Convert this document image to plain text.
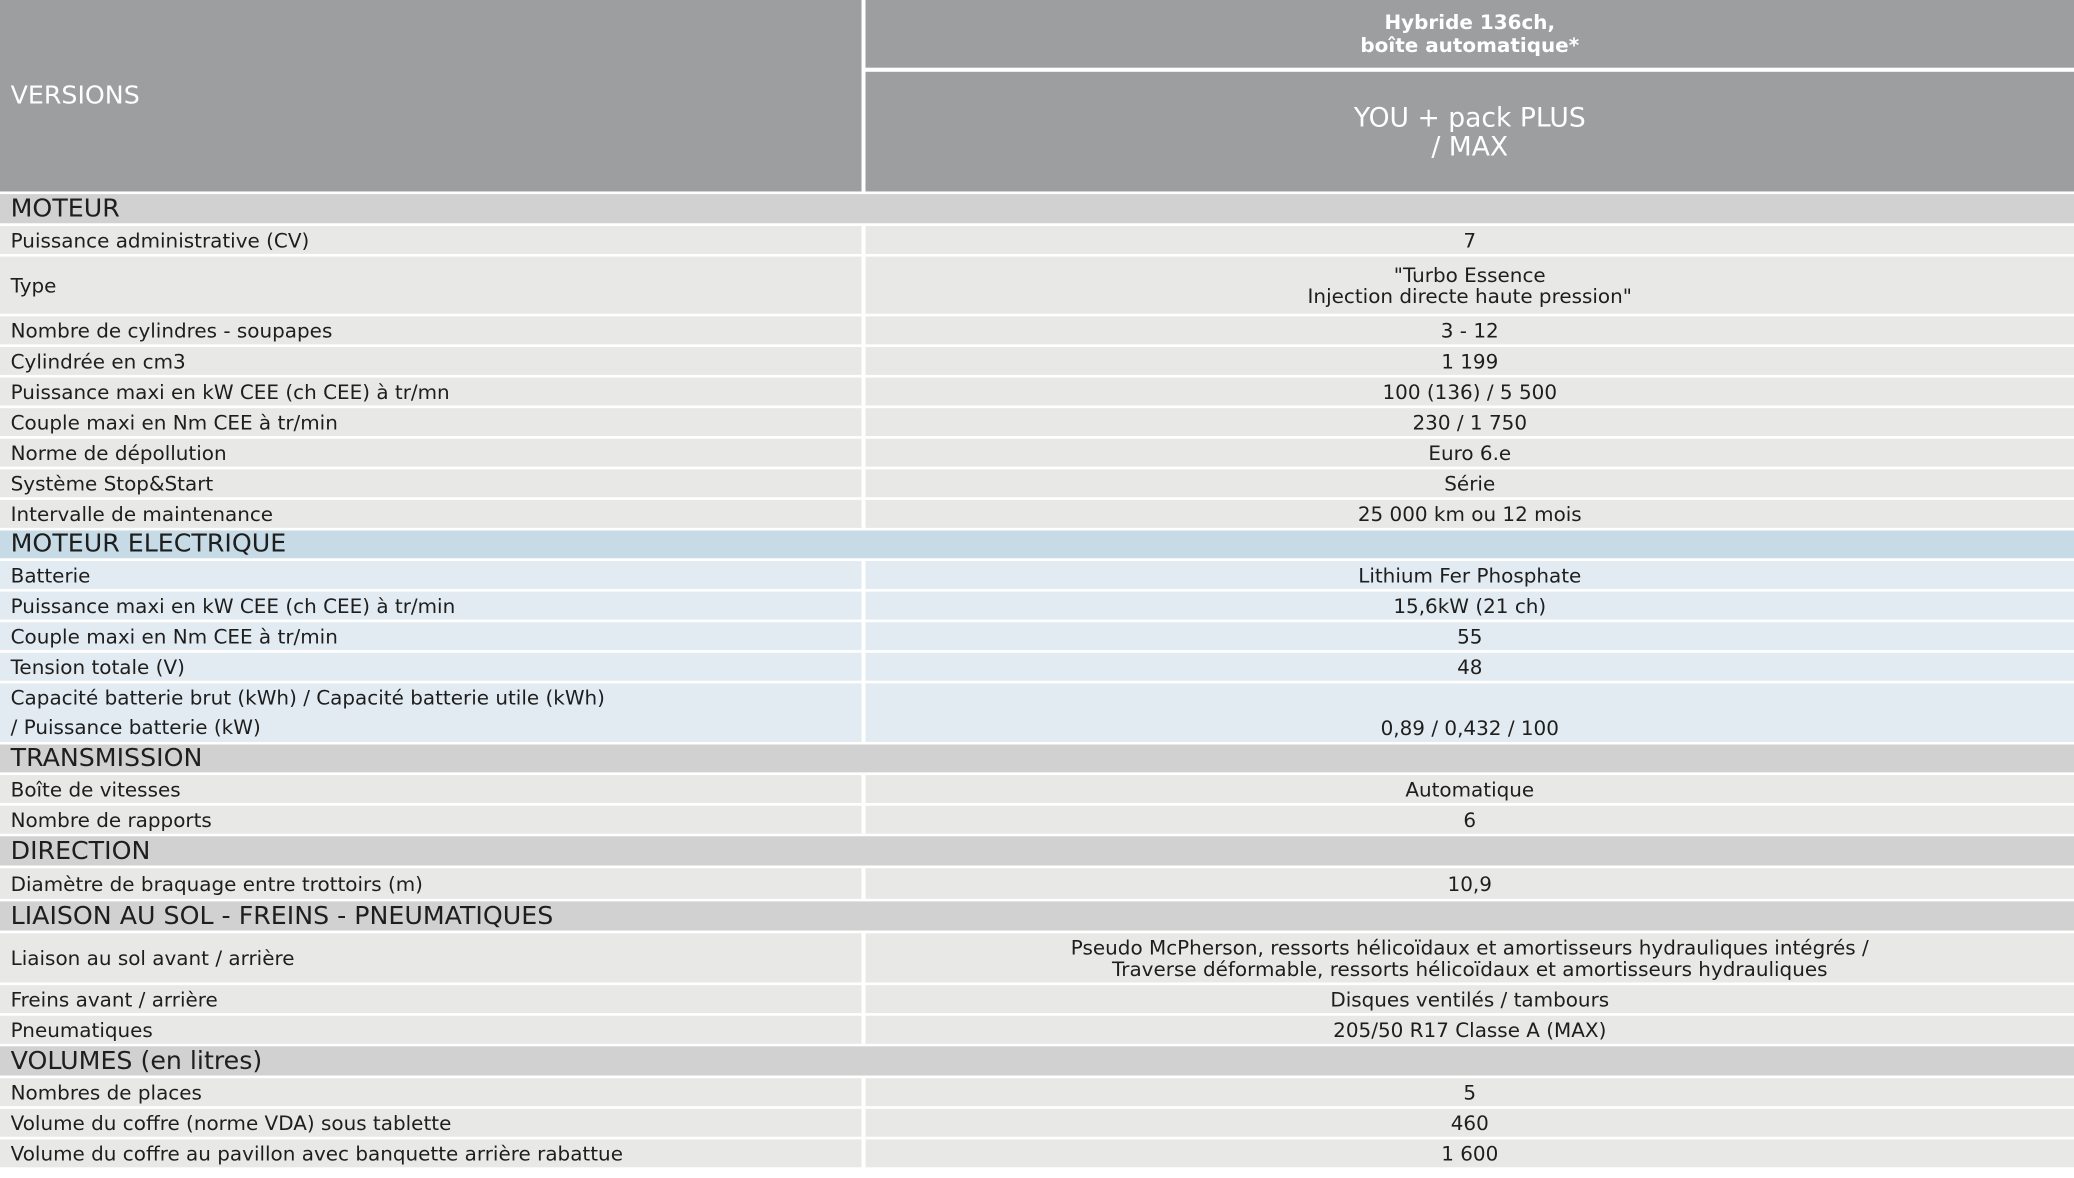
VERSIONS
Hybride 136ch,
boîte automatique*
YOU + pack PLUS
/ MAX
MOTEUR
Puissance administrative (CV)	7
Type	"Turbo Essence
Injection directe haute pression"
Nombre de cylindres - soupapes	3 - 12
Cylindrée en cm3	1 199
Puissance maxi en kW CEE (ch CEE) à tr/mn	100 (136) / 5 500
Couple maxi en Nm CEE à tr/min	230 / 1 750
Norme de dépollution	Euro 6.e
Système Stop&Start	Série
Intervalle de maintenance	25 000 km ou 12 mois
MOTEUR ELECTRIQUE
Batterie	Lithium Fer Phosphate
Puissance maxi en kW CEE (ch CEE) à tr/min	15,6kW (21 ch)
Couple maxi en Nm CEE à tr/min	55
Tension totale (V)	48
Capacité batterie brut (kWh) / Capacité batterie utile (kWh)
/ Puissance batterie (kW)	0,89 / 0,432 / 100
TRANSMISSION
Boîte de vitesses	Automatique
Nombre de rapports	6
DIRECTION
Diamètre de braquage entre trottoirs (m)	10,9
LIAISON AU SOL - FREINS - PNEUMATIQUES
Liaison au sol avant / arrière	Pseudo McPherson, ressorts hélicoïdaux et amortisseurs hydrauliques intégrés /
Traverse déformable, ressorts hélicoïdaux et amortisseurs hydrauliques
Freins avant / arrière	Disques ventilés / tambours
Pneumatiques	205/50 R17 Classe A (MAX)
VOLUMES (en litres)
Nombres de places	5
Volume du coffre (norme VDA) sous tablette	460
Volume du coffre au pavillon avec banquette arrière rabattue	1 600
